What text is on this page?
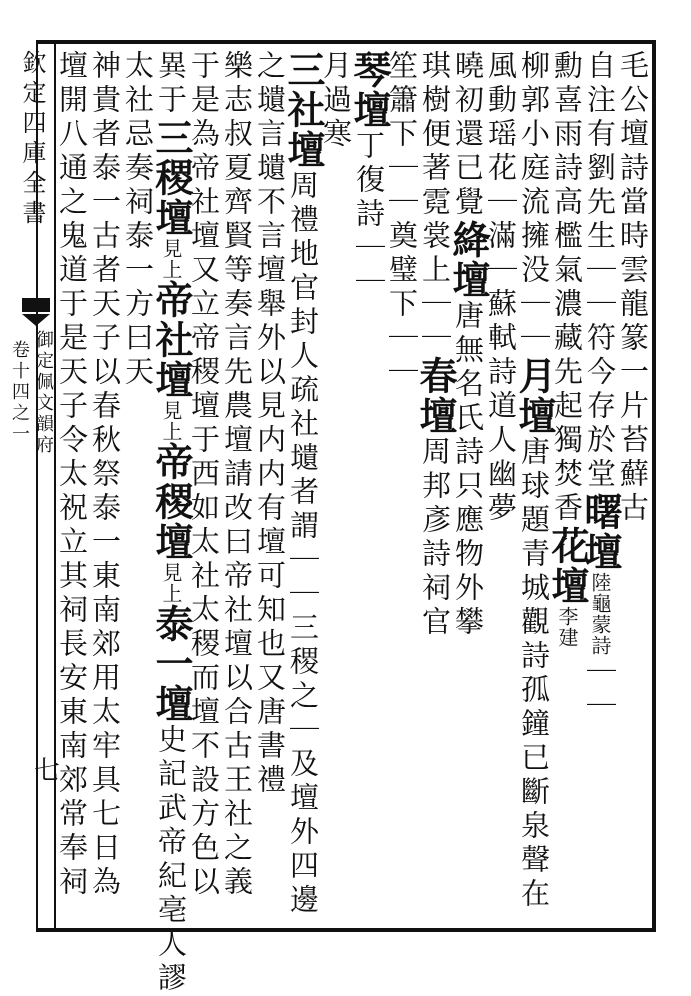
欽定四庫全書
御定佩文韻府
卷十四之一
七
毛公壇詩當時雲龍篆一片苔蘚古
自注有劉先生｜｜符今存於堂曙壇陸龜蒙詩｜｜
勳喜雨詩高檻氣濃藏先起獨焚香花壇李建
柳郭小庭流擁没｜｜月壇唐球題青城觀詩孤鐘已斷泉聲在
風動瑶花｜滿｜蘇軾詩道人幽夢
曉初還已覺絳壇唐無名氏詩只應物外攀
琪樹便著霓裳上｜｜春壇周邦彥詩祠官
笙簫下｜｜奠璧下｜｜
琴壇丁復詩｜｜
月過寒
三社壇周禮地官封人疏社壝者謂｜｜三稷之｜及壇外四邊
之壝言壝不言壇舉外以見内内有壇可知也又唐書禮
樂志叔夏齊賢等奏言先農壇請改曰帝社壇以合古王社之義
于是為帝社壇又立帝稷壇于西如太社太稷而壇不設方色以
異于三稷壇見上帝社壇見上帝稷壇見上泰一壇史記武帝紀亳人謬
太社忌奏祠泰一方曰天
神貴者泰一古者天子以春秋祭泰一東南郊用太牢具七日為
壇開八通之鬼道于是天子令太祝立其祠長安東南郊常奉祠
